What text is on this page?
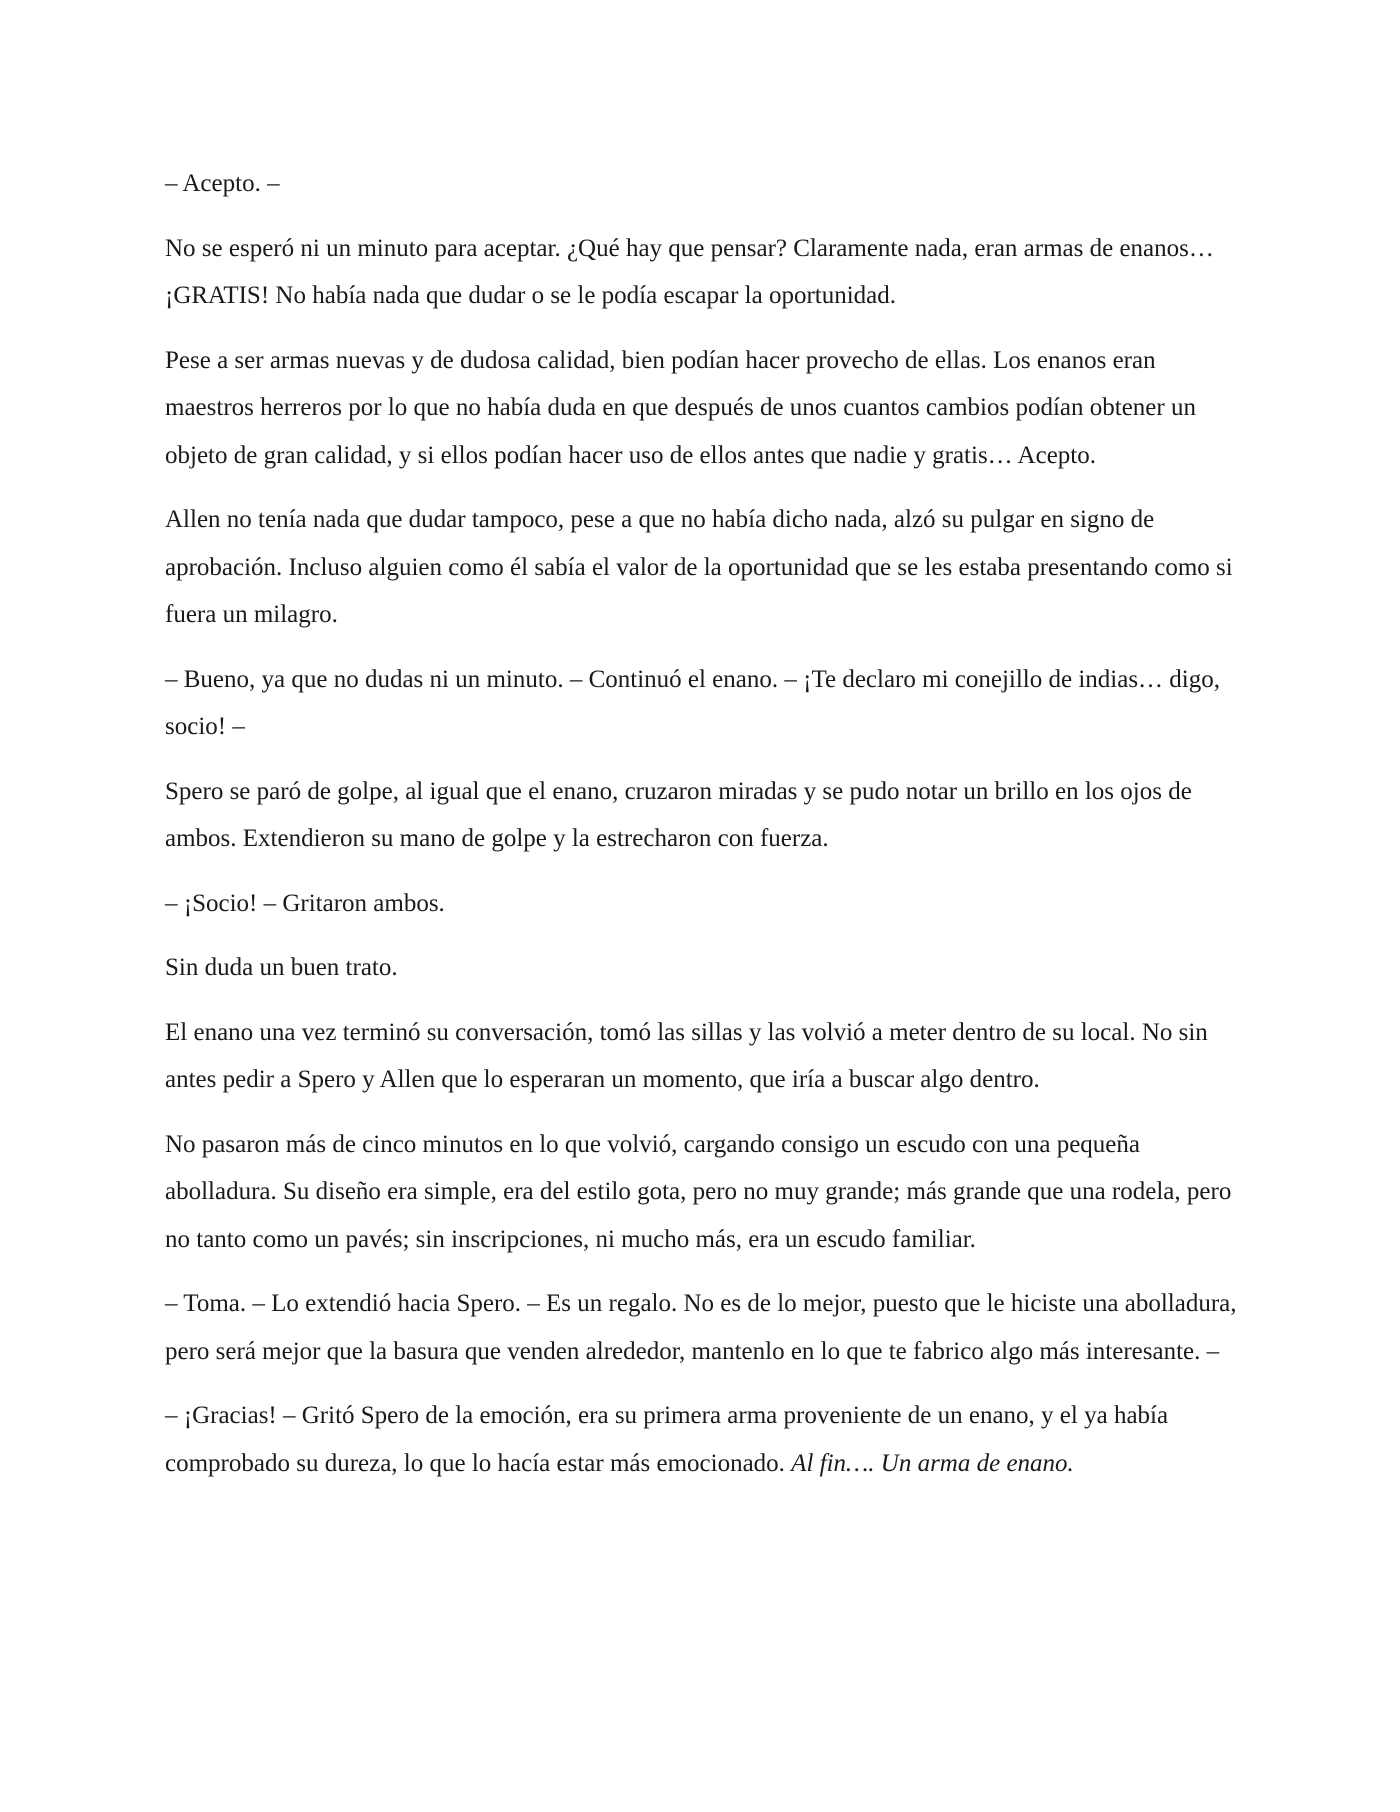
– Acepto. –

No se esperó ni un minuto para aceptar. ¿Qué hay que pensar? Claramente nada, eran armas de enanos… ¡GRATIS! No había nada que dudar o se le podía escapar la oportunidad.

Pese a ser armas nuevas y de dudosa calidad, bien podían hacer provecho de ellas. Los enanos eran maestros herreros por lo que no había duda en que después de unos cuantos cambios podían obtener un objeto de gran calidad, y si ellos podían hacer uso de ellos antes que nadie y gratis… Acepto.

Allen no tenía nada que dudar tampoco, pese a que no había dicho nada, alzó su pulgar en signo de aprobación. Incluso alguien como él sabía el valor de la oportunidad que se les estaba presentando como si fuera un milagro.

– Bueno, ya que no dudas ni un minuto. – Continuó el enano. – ¡Te declaro mi conejillo de indias… digo, socio! –

Spero se paró de golpe, al igual que el enano, cruzaron miradas y se pudo notar un brillo en los ojos de ambos. Extendieron su mano de golpe y la estrecharon con fuerza.

– ¡Socio! – Gritaron ambos.

Sin duda un buen trato.

El enano una vez terminó su conversación, tomó las sillas y las volvió a meter dentro de su local. No sin antes pedir a Spero y Allen que lo esperaran un momento, que iría a buscar algo dentro.

No pasaron más de cinco minutos en lo que volvió, cargando consigo un escudo con una pequeña abolladura. Su diseño era simple, era del estilo gota, pero no muy grande; más grande que una rodela, pero no tanto como un pavés; sin inscripciones, ni mucho más, era un escudo familiar.

– Toma. – Lo extendió hacia Spero. – Es un regalo. No es de lo mejor, puesto que le hiciste una abolladura, pero será mejor que la basura que venden alrededor, mantenlo en lo que te fabrico algo más interesante. –

– ¡Gracias! – Gritó Spero de la emoción, era su primera arma proveniente de un enano, y el ya había comprobado su dureza, lo que lo hacía estar más emocionado. Al fin…. Un arma de enano.
